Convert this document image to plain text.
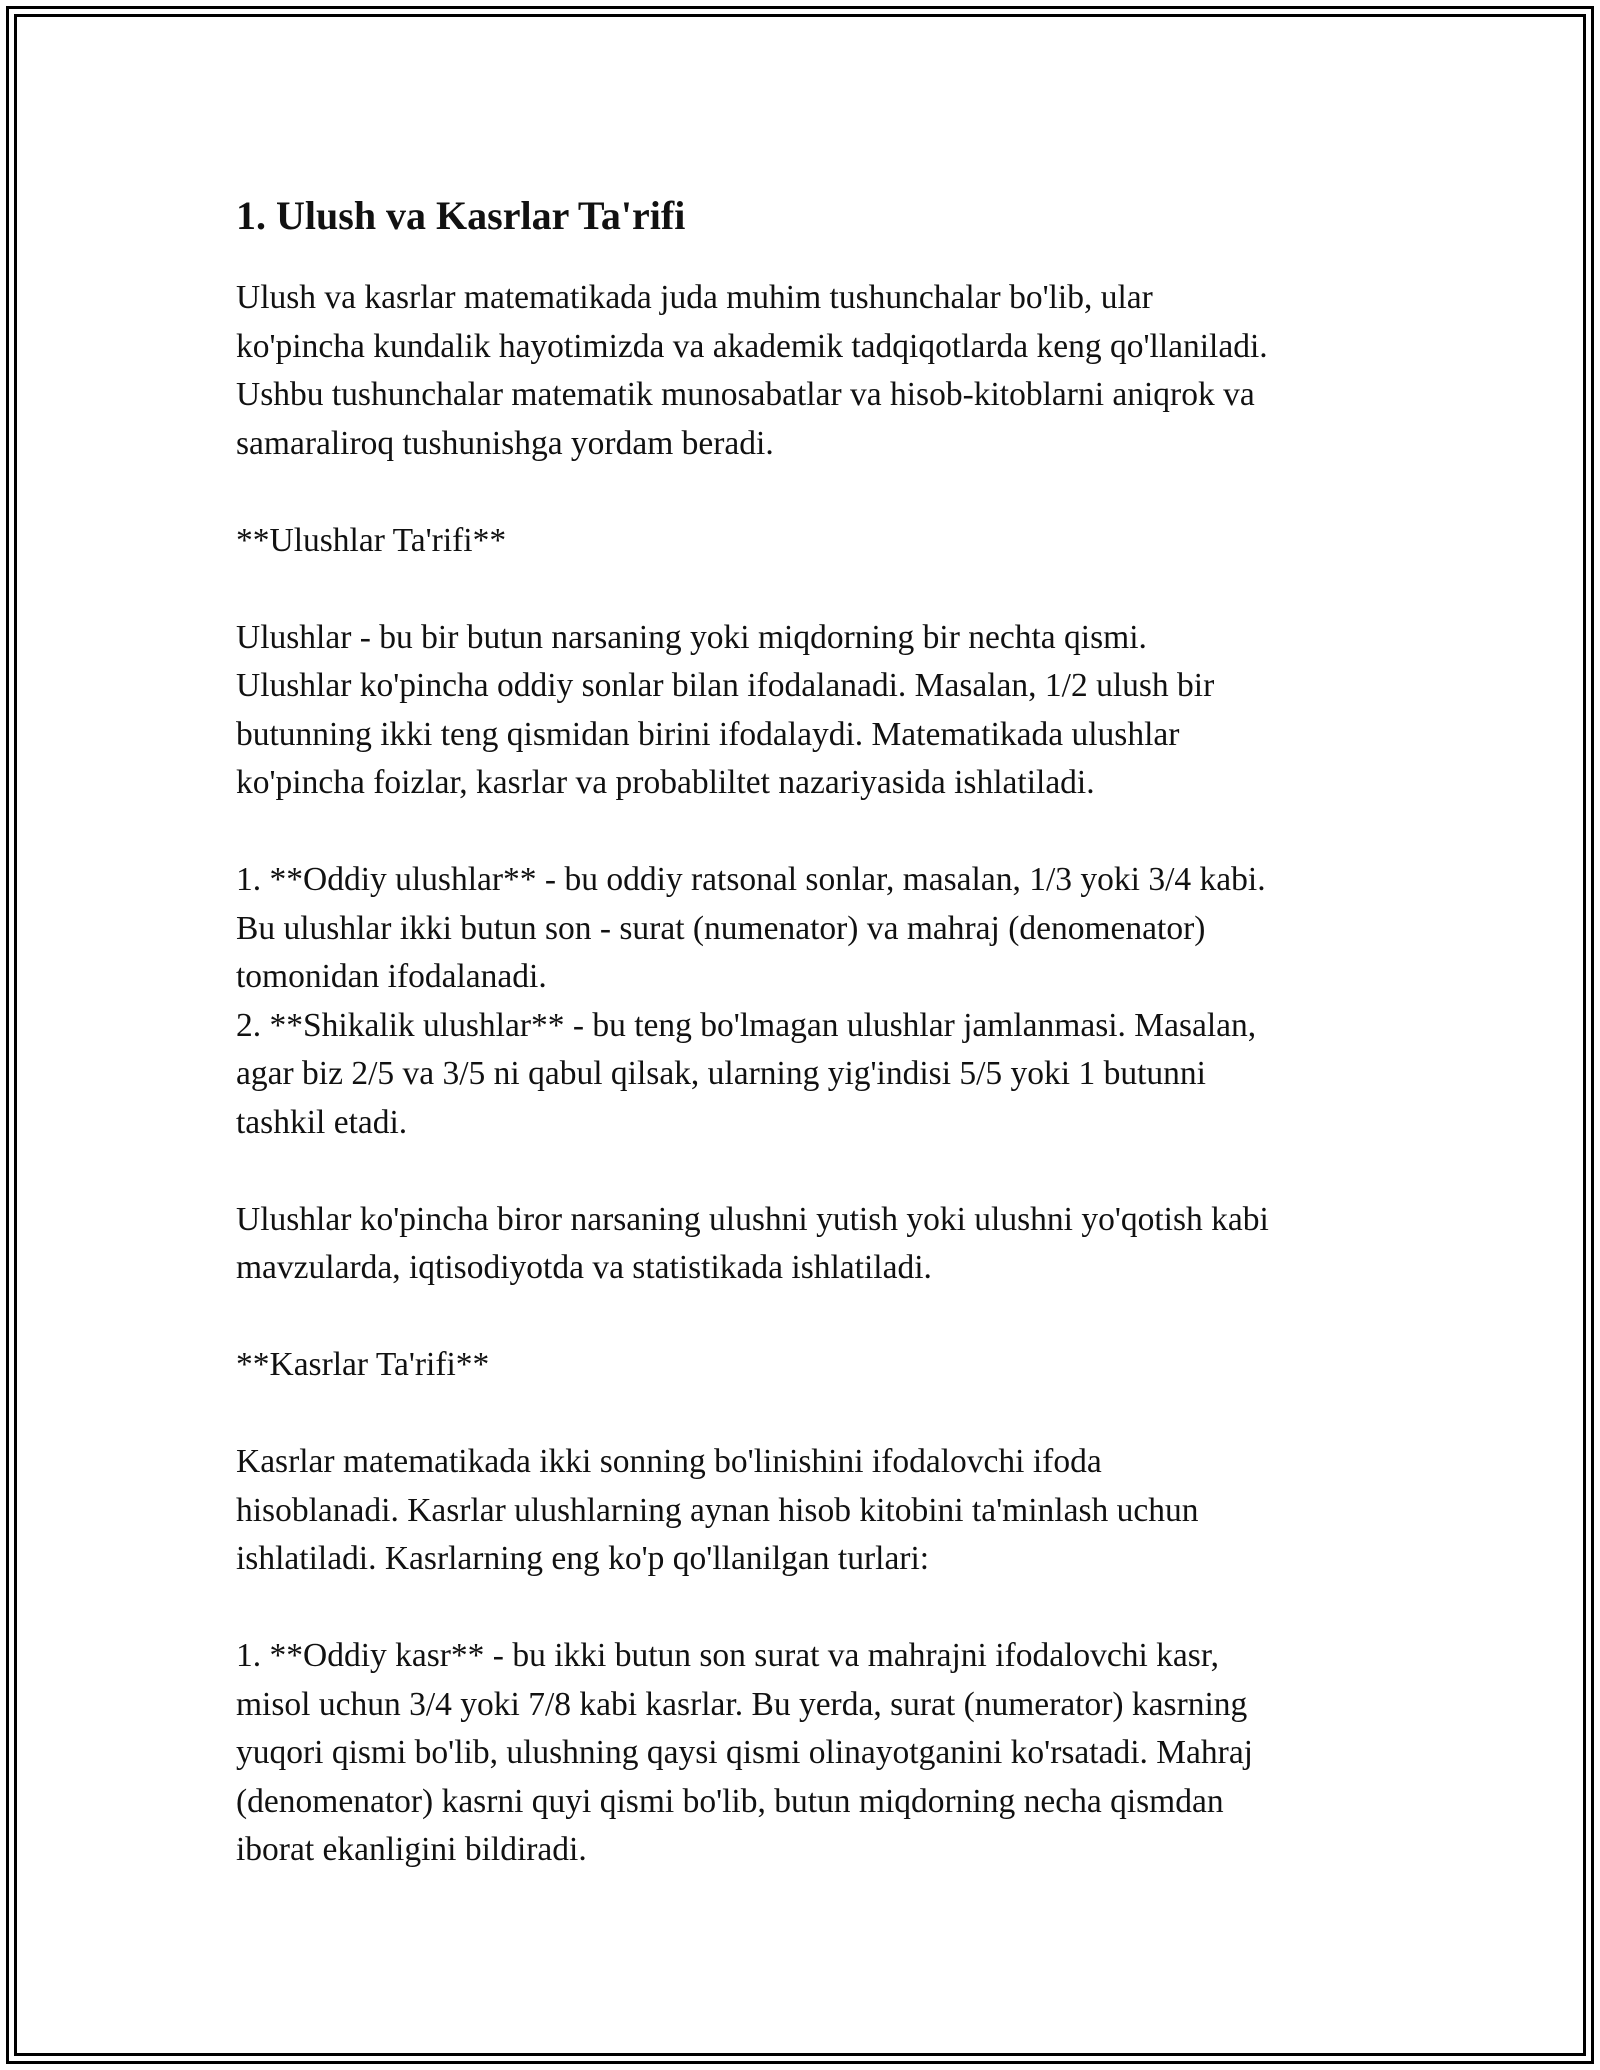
1. Ulush va Kasrlar Ta'rifi

Ulush va kasrlar matematikada juda muhim tushunchalar bo'lib, ular
ko'pincha kundalik hayotimizda va akademik tadqiqotlarda keng qo'llaniladi.
Ushbu tushunchalar matematik munosabatlar va hisob-kitoblarni aniqrok va
samaraliroq tushunishga yordam beradi.

**Ulushlar Ta'rifi**

Ulushlar - bu bir butun narsaning yoki miqdorning bir nechta qismi.
Ulushlar ko'pincha oddiy sonlar bilan ifodalanadi. Masalan, 1/2 ulush bir
butunning ikki teng qismidan birini ifodalaydi. Matematikada ulushlar
ko'pincha foizlar, kasrlar va probabliltet nazariyasida ishlatiladi.

1. **Oddiy ulushlar** - bu oddiy ratsonal sonlar, masalan, 1/3 yoki 3/4 kabi.
Bu ulushlar ikki butun son - surat (numenator) va mahraj (denomenator)
tomonidan ifodalanadi.
2. **Shikalik ulushlar** - bu teng bo'lmagan ulushlar jamlanmasi. Masalan,
agar biz 2/5 va 3/5 ni qabul qilsak, ularning yig'indisi 5/5 yoki 1 butunni
tashkil etadi.

Ulushlar ko'pincha biror narsaning ulushni yutish yoki ulushni yo'qotish kabi
mavzularda, iqtisodiyotda va statistikada ishlatiladi.

**Kasrlar Ta'rifi**

Kasrlar matematikada ikki sonning bo'linishini ifodalovchi ifoda
hisoblanadi. Kasrlar ulushlarning aynan hisob kitobini ta'minlash uchun
ishlatiladi. Kasrlarning eng ko'p qo'llanilgan turlari:

1. **Oddiy kasr** - bu ikki butun son surat va mahrajni ifodalovchi kasr,
misol uchun 3/4 yoki 7/8 kabi kasrlar. Bu yerda, surat (numerator) kasrning
yuqori qismi bo'lib, ulushning qaysi qismi olinayotganini ko'rsatadi. Mahraj
(denomenator) kasrni quyi qismi bo'lib, butun miqdorning necha qismdan
iborat ekanligini bildiradi.
